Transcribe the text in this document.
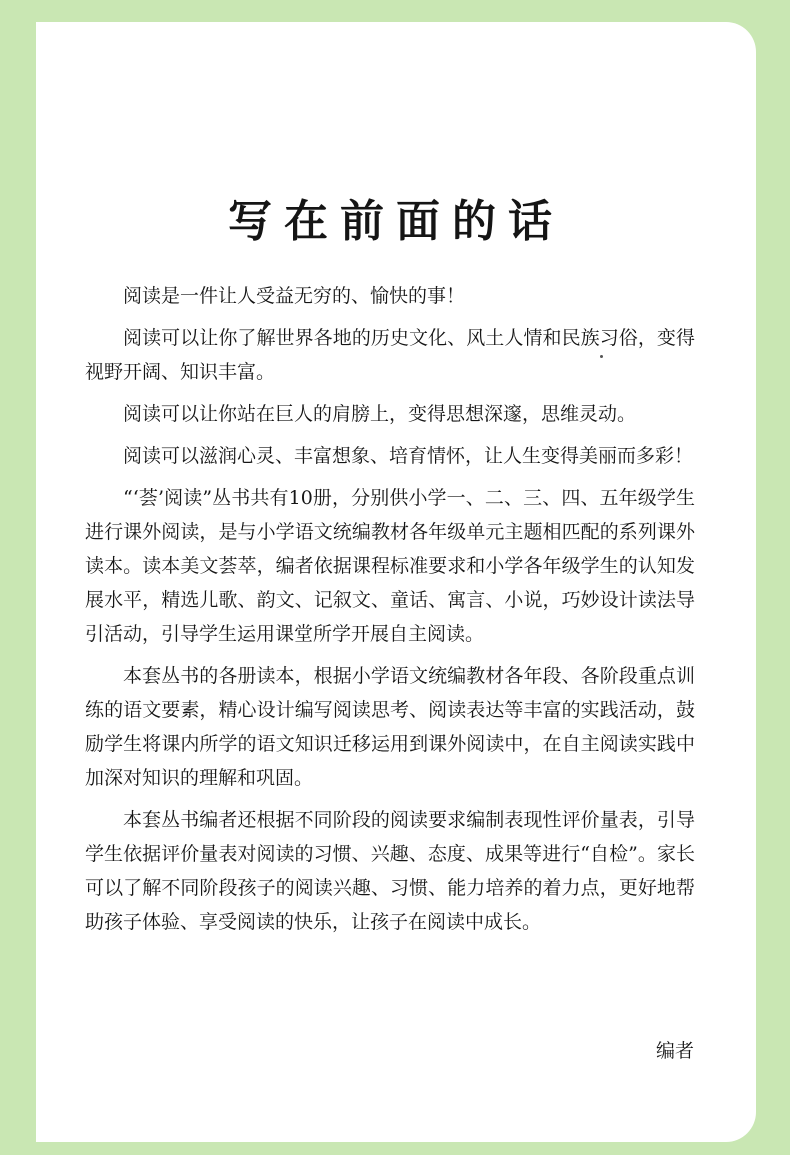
写在前面的话

阅读是一件让人受益无穷的、愉快的事！

阅读可以让你了解世界各地的历史文化、风土人情和民族习俗，变得视野开阔、知识丰富。

阅读可以让你站在巨人的肩膀上，变得思想深邃，思维灵动。

阅读可以滋润心灵、丰富想象、培育情怀，让人生变得美丽而多彩！

“‘荟’阅读”丛书共有10册，分别供小学一、二、三、四、五年级学生进行课外阅读，是与小学语文统编教材各年级单元主题相匹配的系列课外读本。读本美文荟萃，编者依据课程标准要求和小学各年级学生的认知发展水平，精选儿歌、韵文、记叙文、童话、寓言、小说，巧妙设计读法导引活动，引导学生运用课堂所学开展自主阅读。

本套丛书的各册读本，根据小学语文统编教材各年段、各阶段重点训练的语文要素，精心设计编写阅读思考、阅读表达等丰富的实践活动，鼓励学生将课内所学的语文知识迁移运用到课外阅读中，在自主阅读实践中加深对知识的理解和巩固。

本套丛书编者还根据不同阶段的阅读要求编制表现性评价量表，引导学生依据评价量表对阅读的习惯、兴趣、态度、成果等进行“自检”。家长可以了解不同阶段孩子的阅读兴趣、习惯、能力培养的着力点，更好地帮助孩子体验、享受阅读的快乐，让孩子在阅读中成长。

编者
